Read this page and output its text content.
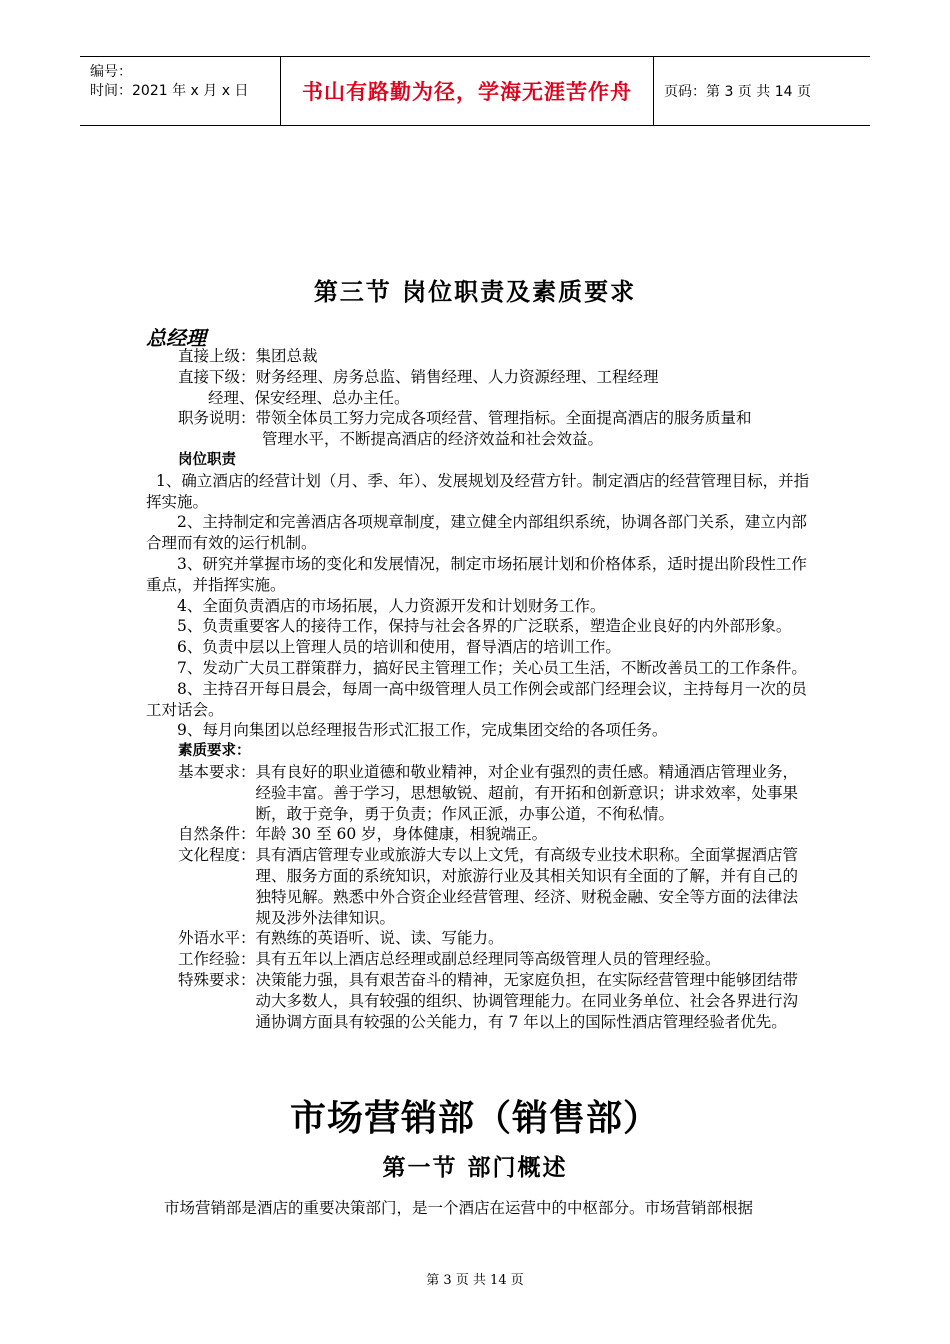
编号：
时间：2021 年 x 月 x 日	书山有路勤为径，学海无涯苦作舟	页码：第 3 页 共 14 页
第三节 岗位职责及素质要求
总经理

直接上级：集团总裁

直接下级：财务经理、房务总监、销售经理、人力资源经理、工程经理

经理、保安经理、总办主任。

职务说明：带领全体员工努力完成各项经营、管理指标。全面提高酒店的服务质量和

管理水平，不断提高酒店的经济效益和社会效益。

岗位职责

1、确立酒店的经营计划（月、季、年）、发展规划及经营方针。制定酒店的经营管理目标，并指挥实施。

2、主持制定和完善酒店各项规章制度，建立健全内部组织系统，协调各部门关系，建立内部合理而有效的运行机制。

3、研究并掌握市场的变化和发展情况，制定市场拓展计划和价格体系，适时提出阶段性工作重点，并指挥实施。

4、全面负责酒店的市场拓展，人力资源开发和计划财务工作。

5、负责重要客人的接待工作，保持与社会各界的广泛联系，塑造企业良好的内外部形象。

6、负责中层以上管理人员的培训和使用，督导酒店的培训工作。

7、发动广大员工群策群力，搞好民主管理工作；关心员工生活，不断改善员工的工作条件。

8、主持召开每日晨会，每周一高中级管理人员工作例会或部门经理会议，主持每月一次的员工对话会。

9、每月向集团以总经理报告形式汇报工作，完成集团交给的各项任务。

素质要求：

基本要求： 具有良好的职业道德和敬业精神，对企业有强烈的责任感。精通酒店管理业务，经验丰富。善于学习，思想敏锐、超前，有开拓和创新意识；讲求效率，处事果断，敢于竞争，勇于负责；作风正派，办事公道，不徇私情。
自然条件： 年龄 30 至 60 岁，身体健康，相貌端正。
文化程度： 具有酒店管理专业或旅游大专以上文凭，有高级专业技术职称。全面掌握酒店管理、服务方面的系统知识，对旅游行业及其相关知识有全面的了解，并有自己的独特见解。熟悉中外合资企业经营管理、经济、财税金融、安全等方面的法律法规及涉外法律知识。
外语水平： 有熟练的英语听、说、读、写能力。
工作经验： 具有五年以上酒店总经理或副总经理同等高级管理人员的管理经验。
特殊要求： 决策能力强，具有艰苦奋斗的精神，无家庭负担，在实际经营管理中能够团结带动大多数人，具有较强的组织、协调管理能力。在同业务单位、社会各界进行沟通协调方面具有较强的公关能力，有 7 年以上的国际性酒店管理经验者优先。
市场营销部（销售部）
第一节 部门概述
市场营销部是酒店的重要决策部门，是一个酒店在运营中的中枢部分。市场营销部根据
第 3 页 共 14 页
